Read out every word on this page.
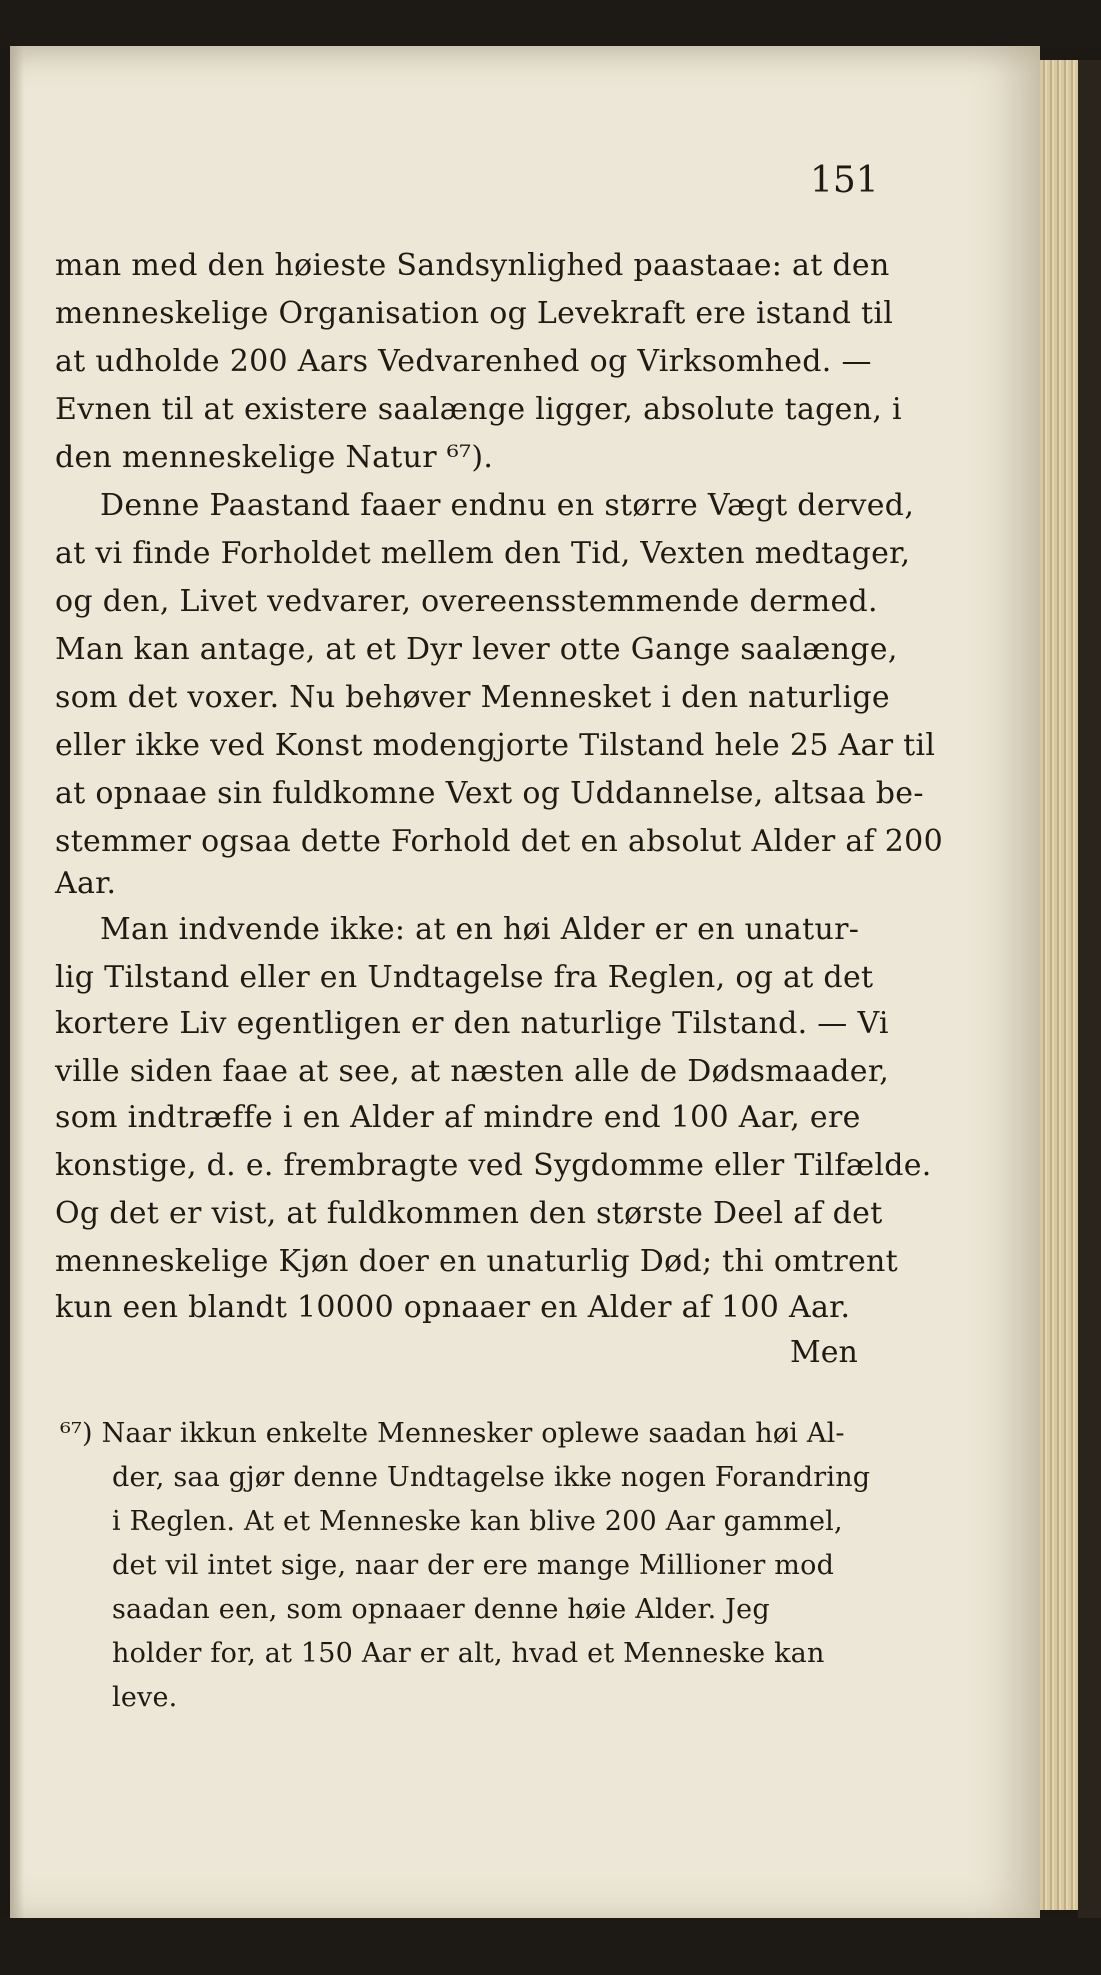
151
man med den høieste Sandsynlighed paastaae: at den
menneskelige Organisation og Levekraft ere istand til
at udholde 200 Aars Vedvarenhed og Virksomhed. —
Evnen til at existere saalænge ligger, absolute tagen, i
den menneskelige Natur ⁶⁷).
Denne Paastand faaer endnu en større Vægt derved,
at vi finde Forholdet mellem den Tid, Vexten medtager,
og den, Livet vedvarer, overeensstemmende dermed.
Man kan antage, at et Dyr lever otte Gange saalænge,
som det voxer. Nu behøver Mennesket i den naturlige
eller ikke ved Konst modengjorte Tilstand hele 25 Aar til
at opnaae sin fuldkomne Vext og Uddannelse, altsaa be-
stemmer ogsaa dette Forhold det en absolut Alder af 200
Aar.
Man indvende ikke: at en høi Alder er en unatur-
lig Tilstand eller en Undtagelse fra Reglen, og at det
kortere Liv egentligen er den naturlige Tilstand. — Vi
ville siden faae at see, at næsten alle de Dødsmaader,
som indtræffe i en Alder af mindre end 100 Aar, ere
konstige, d. e. frembragte ved Sygdomme eller Tilfælde.
Og det er vist, at fuldkommen den største Deel af det
menneskelige Kjøn doer en unaturlig Død; thi omtrent
kun een blandt 10000 opnaaer en Alder af 100 Aar.
Men
⁶⁷) Naar ikkun enkelte Mennesker oplewe saadan høi Al-
der, saa gjør denne Undtagelse ikke nogen Forandring
i Reglen. At et Menneske kan blive 200 Aar gammel,
det vil intet sige, naar der ere mange Millioner mod
saadan een, som opnaaer denne høie Alder. Jeg
holder for, at 150 Aar er alt, hvad et Menneske kan
leve.
